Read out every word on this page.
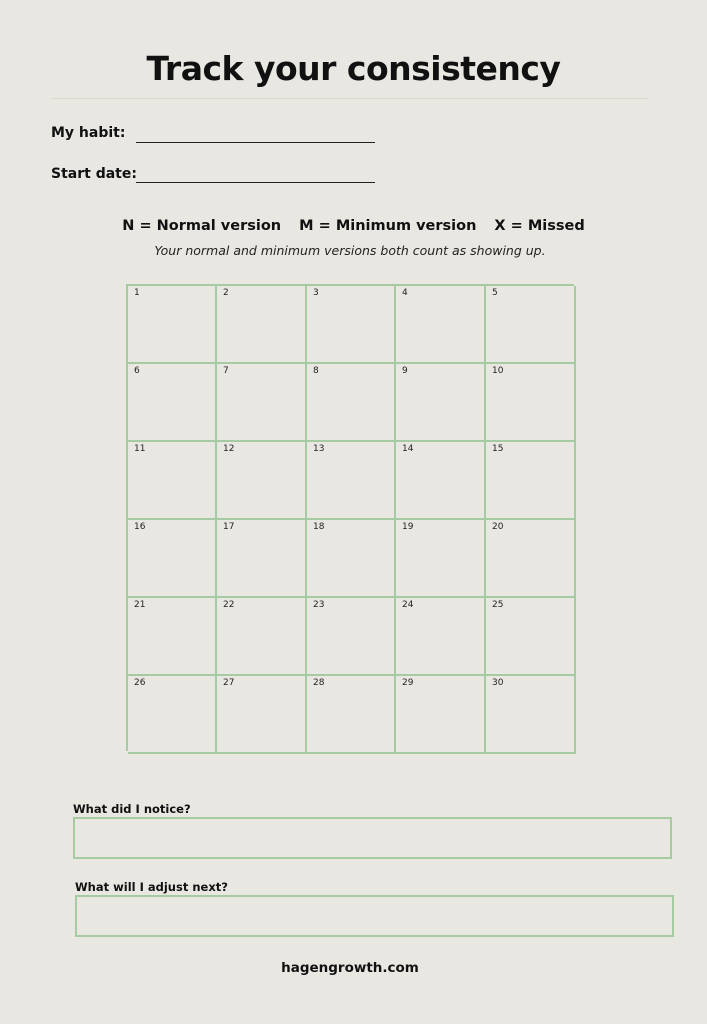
Track your consistency
My habit:
Start date:
N = Normal version M = Minimum version X = Missed
Your normal and minimum versions both count as showing up.
1	2	3	4	5
6	7	8	9	10
11	12	13	14	15
16	17	18	19	20
21	22	23	24	25
26	27	28	29	30
What did I notice?
What will I adjust next?
hagengrowth.com
